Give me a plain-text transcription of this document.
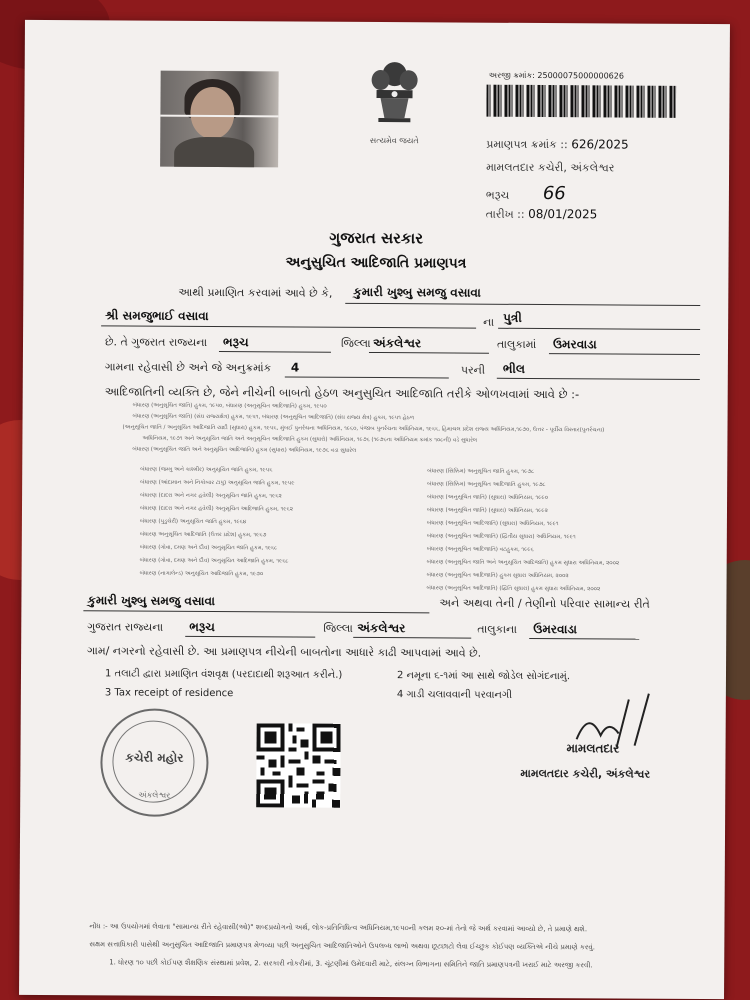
સત્યમેવ જયતે
અરજી ક્રમાંક: 25000075000000626
પ્રમાણપત્ર ક્રમાંક :: 626/2025
મામલતદાર કચેરી, અંકલેશ્વર
ભરૂચ 66
તારીખ :: 08/01/2025
ગુજરાત સરકાર
અનુસુચિત આદિજાતિ પ્રમાણપત્ર
આથી પ્રમાણિત કરવામાં આવે છે કે, કુમારી ખુશ્બુ સમજુ વસાવા
શ્રી સમજુભાઈ વસાવા	ના પુત્રી
છે. તે ગુજરાત રાજ્યના ભરૂચ	જિલ્લા અંકલેશ્વર	તાલુકામાં ઉમરવાડા
ગામના રહેવાસી છે અને જે અનુક્રમાંક 4	પરની ભીલ
આદિજાતિની વ્યક્તિ છે, જેને નીચેની બાબતો હેઠળ અનુસુચિત આદિજાતિ તરીકે ઓળખવામાં આવે છે :-
બંધારણ (અનુસૂચિત જાતિ) હુકમ, ૧૯૫૦, બંધારણ (અનુસૂચિત આદિજાતિ) હુકમ, ૧૯૫૦
બંધારણ (અનુસૂચિત જાતિ) (સંઘ રાજ્યક્ષેત્ર) હુકમ, ૧૯૫૧, બંધારણ (અનુસૂચિત આદિજાતિ) (સંઘ રાજ્ય ક્ષેત્ર) હુકમ, ૧૯૫૧ હેઠળ
(અનુસૂચિત જાતિ / અનુસૂચિત આદિજાતિ યાદી (સુધારા) હુકમ, ૧૯૫૬, મુંબઈ પુનર્રચના અધિનિયમ, ૧૯૬૦, પંજાબ પુનર્રચના અધિનિયમ, ૧૯૬૬, હિમાચલ પ્રદેશ રાજ્ય અધિનિયમ,૧૯૭૦, ઉત્તર - પૂર્વીય વિસ્તાર(પુનર્રચના)
અધિનિયમ, ૧૯૭૧ અને અનુસૂચિત જાતિ અને અનુસૂચિત આદિજાતિ હુકમ (સુધારો) અધિનિયમ, ૧૯૭૬ (૧૯૭૬ના અધિનિયમ ક્રમાંક ૧૦૮ની) વડે સુધારેલ
બંધારણ (અનુસૂચિત જાતિ અને અનુસૂચિત આદિજાતિ) હુકમ (સુધારા) અધિનિયમ, ૧૯૭૬ વડા સુધારેલ
બંધારણ (જમ્મુ અને કાશ્મીર) અનુસૂચિત જાતિ હુકમ, ૧૯૫૬
બંધારણ (આંદામાન અને નિકોબાર ટાપુ) અનુસૂચિત જાતિ હુકમ, ૧૯૫૯
બંધારણ (દાદરા અને નગર હવેલી) અનુસૂચિત જાતિ હુકમ, ૧૯૬૨
બંધારણ (દાદરા અને નગર હવેલી) અનુસૂચિત આદિજાતિ હુકમ, ૧૯૬૨
બંધારણ (પુડુચેરી) અનુસૂચિત જાતિ હુકમ, ૧૯૬૪
બંધારણ અનુસૂચિત આદિજાતિ (ઉત્તર પ્રદેશ) હુકમ, ૧૯૬૭
બંધારણ (ગોવા, દમણ અને દીવ) અનુસૂચિત જાતિ હુકમ, ૧૯૬૮
બંધારણ (ગોવા, દમણ અને દીવ) અનુસૂચિત આદિજાતિ હુકમ, ૧૯૬૮
બંધારણ (નાગાલેન્ડ) અનુસૂચિત આદિજાતિ હુકમ, ૧૯૭૦
બંધારણ (સિક્કિમ) અનુસૂચિત જાતિ હુકમ, ૧૯૭૮
બંધારણ (સિક્કિમ) અનુસૂચિત આદિજાતિ હુકમ, ૧૯૭૮
બંધારણ (અનુસૂચિત જાતિ) (સુધારા) અધિનિયમ, ૧૯૯૦
બંધારણ (અનુસૂચિત જાતિ) (સુધારા) અધિનિયમ, ૧૯૯૨
બંધારણ (અનુસૂચિત આદિજાતિ) (સુધારા) અધિનિયમ, ૧૯૯૧
બંધારણ (અનુસૂચિત આદિજાતિ) (દ્વિતીય સુધારા) અધિનિયમ, ૧૯૯૧
બંધારણ (અનુસૂચિત આદિજાતિ) વટહુકમ, ૧૯૯૬
બંધારણ (અનુસૂચિત જાતિ અને અનુસૂચિત આદિજાતિ) હુકમ સુધારા અધિનિયમ, ૨૦૦૨
બંધારણ (અનુસૂચિત આદિજાતિ) હુકમ સુધારા અધિનિયમ, ૨૦૦૨
બંધારણ (અનુસૂચિત આદિજાતિ) (દ્વિતિ સુધારા) હુકમ સુધારા અધિનિયમ, ૨૦૦૨
કુમારી ખુશ્બુ સમજુ વસાવા	અને અથવા તેની / તેણીનો પરિવાર સામાન્ય રીતે
ગુજરાત રાજ્યના ભરૂચ	જિલ્લા અંકલેશ્વર	તાલુકાના ઉમરવાડા
ગામ/ નગરનો રહેવાસી છે. આ પ્રમાણપત્ર નીચેની બાબતોના આધારે કાઢી આપવામાં આવે છે.
1 તલાટી દ્વારા પ્રમાણિત વંશવૃક્ષ (પરદાદાથી શરૂઆત કરીને.)	2 નમૂના ૬-૧માં આ સાથે જોડેલ સોગંદનામું.
3 Tax receipt of residence	4 ગાડી ચલાવવાની પરવાનગી
કચેરી મહોર
અંકલેશ્વર
મામલતદાર
મામલતદાર કચેરી, અંકલેશ્વર
નોંધ :- આ ઉપયોગમાં લેવાતા "સામાન્ય રીતે રહેવાસી(ઓ)" શબ્દપ્રયોગનો અર્થ, લોક-પ્રતિનિધિત્વ અધિનિયમ,૧૯૫૦ની કલમ ૨૦-માં તેનો જે અર્થ કરવામાં આવ્યો છે, તે પ્રમાણે થશે.
સક્ષમ સત્તાધિકારી પાસેથી અનુસુચિત આદિજાતિ પ્રમાણપત્ર મેળવ્યા પછી અનુસુચિત આદિજાતિઓને ઉપલબ્ધ લાભો અથવા છૂટછાટો લેવા ઈચ્છુક કોઈપણ વ્યક્તિએ નીચે પ્રમાણે કરવું.
1. ધોરણ ૧૦ પછી કોઈપણ શૈક્ષણિક સંસ્થામાં પ્રવેશ, 2. સરકારી નોકરીમાં, 3. ચૂંટણીમાં ઉમેદવારી માટે, સંલગ્ન વિભાગના સમિતિને જાતિ પ્રમાણપત્રની ખરાઈ માટે અરજી કરવી.
